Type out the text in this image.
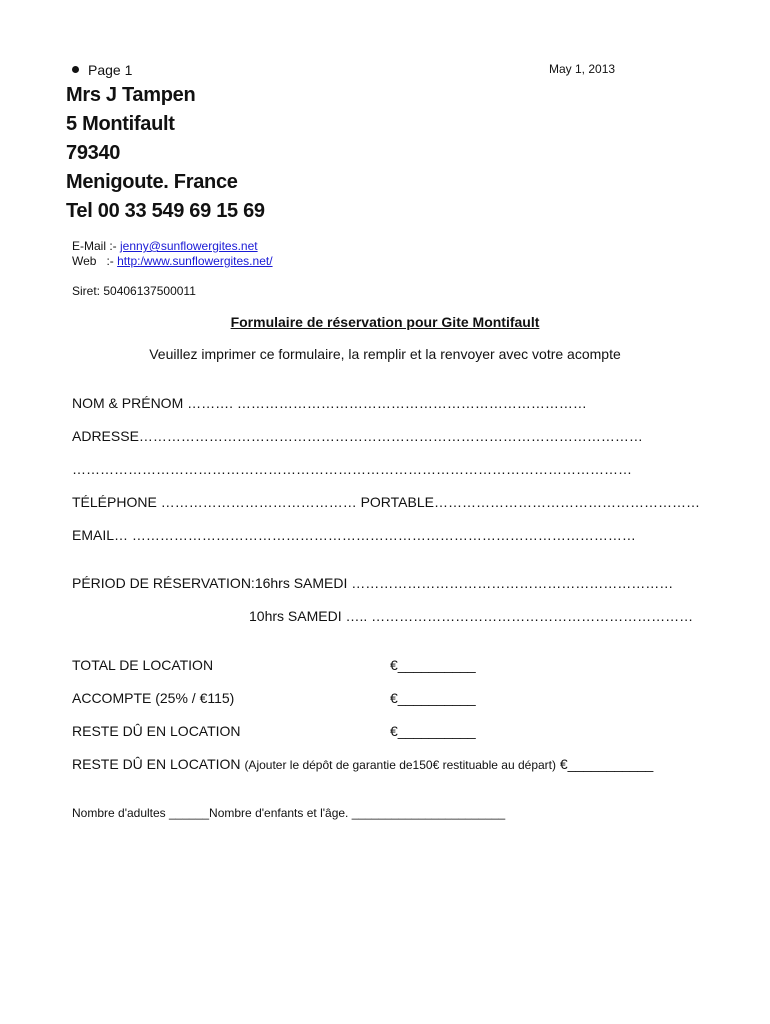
Page 1	May 1, 2013
Mrs J Tampen
5 Montifault
79340
Menigoute. France
Tel 00 33 549 69 15 69
E-Mail :- jenny@sunflowergites.net
Web   :- http:/www.sunflowergites.net/
Siret: 50406137500011
Formulaire de réservation pour Gite Montifault
Veuillez imprimer ce formulaire, la remplir et la renvoyer avec votre acompte
NOM & PRÉNOM ………. …………………………………………………………………
ADRESSE………………………………………………………………………………………………
…………………………………………………………………………………………………………
TÉLÉPHONE …………………………………… PORTABLE…………………………………………………
EMAIL… ………………………………………………………………………………………………
PÉRIOD DE RÉSERVATION:16hrs SAMEDI ……………………………………………………………
10hrs SAMEDI ….. ……………………………………………………………
TOTAL DE LOCATION	€__________
ACCOMPTE (25% / €115)	€__________
RESTE DÛ EN LOCATION	€__________
RESTE DÛ EN LOCATION (Ajouter le dépôt de garantie de150€ restituable au départ) €___________
Nombre d'adultes ______Nombre d'enfants et l'âge. _______________________
